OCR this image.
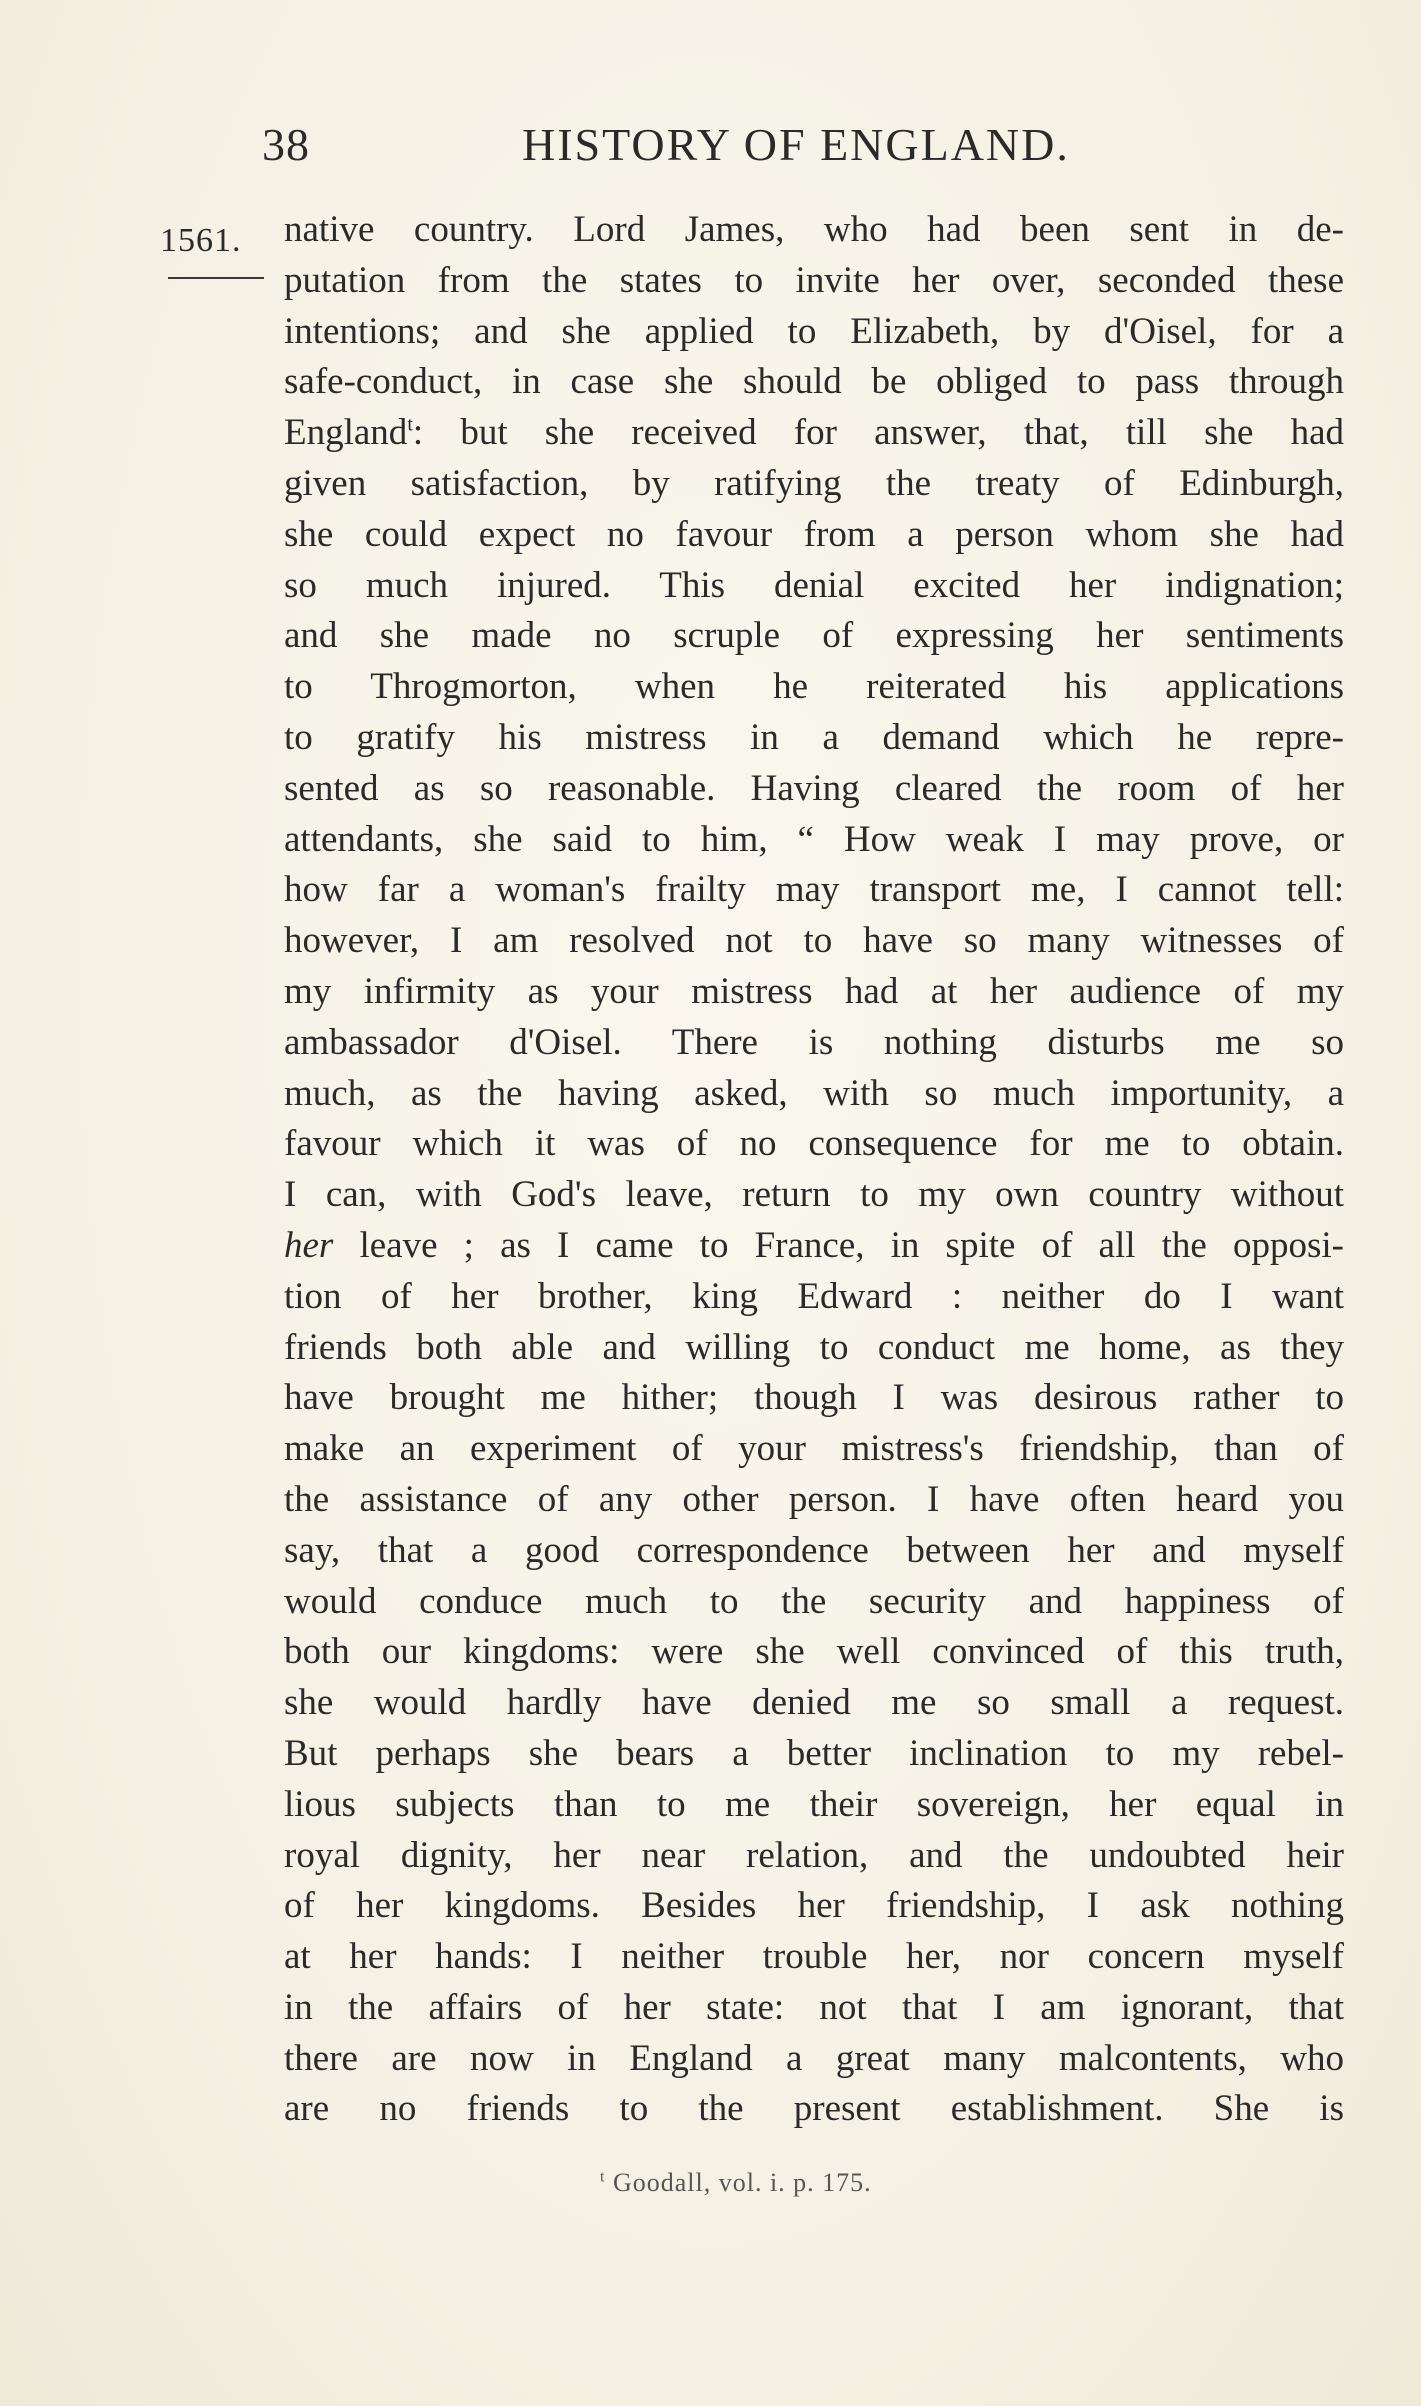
38	HISTORY OF ENGLAND.
1561. native country. Lord James, who had been sent in de-
putation from the states to invite her over, seconded these
intentions; and she applied to Elizabeth, by d'Oisel, for a
safe-conduct, in case she should be obliged to pass through
England$^t$: but she received for answer, that, till she had
given satisfaction, by ratifying the treaty of Edinburgh,
she could expect no favour from a person whom she had
so much injured. This denial excited her indignation;
and she made no scruple of expressing her sentiments
to Throgmorton, when he reiterated his applications
to gratify his mistress in a demand which he repre-
sented as so reasonable. Having cleared the room of her
attendants, she said to him, “ How weak I may prove, or
how far a woman's frailty may transport me, I cannot tell:
however, I am resolved not to have so many witnesses of
my infirmity as your mistress had at her audience of my
ambassador d'Oisel. There is nothing disturbs me so
much, as the having asked, with so much importunity, a
favour which it was of no consequence for me to obtain.
I can, with God's leave, return to my own country without
her leave ; as I came to France, in spite of all the opposi-
tion of her brother, king Edward : neither do I want
friends both able and willing to conduct me home, as they
have brought me hither; though I was desirous rather to
make an experiment of your mistress's friendship, than of
the assistance of any other person. I have often heard you
say, that a good correspondence between her and myself
would conduce much to the security and happiness of
both our kingdoms: were she well convinced of this truth,
she would hardly have denied me so small a request.
But perhaps she bears a better inclination to my rebel-
lious subjects than to me their sovereign, her equal in
royal dignity, her near relation, and the undoubted heir
of her kingdoms. Besides her friendship, I ask nothing
at her hands: I neither trouble her, nor concern myself
in the affairs of her state: not that I am ignorant, that
there are now in England a great many malcontents, who
are no friends to the present establishment. She is
$^t$ Goodall, vol. i. p. 175.
